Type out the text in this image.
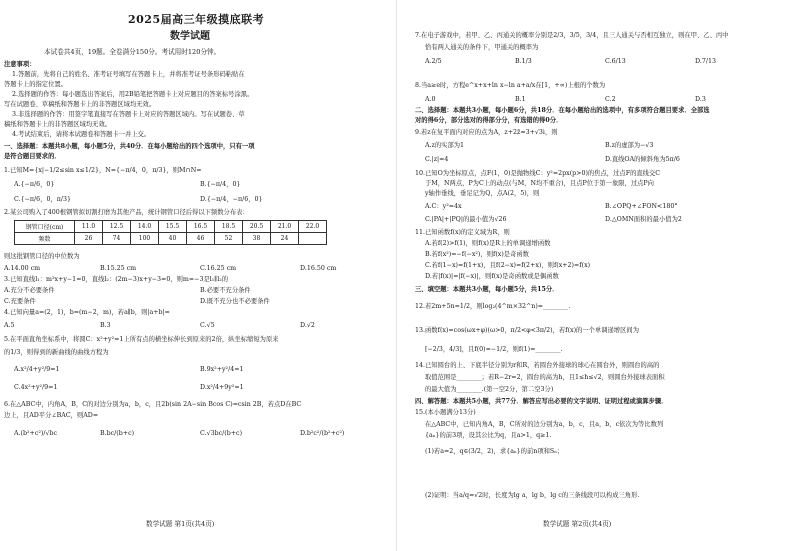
2025届高三年级摸底联考
数学试题
本试卷共4页，19题。全卷满分150分。考试用时120分钟。
注意事项：
1.答题前，先将自己的姓名、准考证号填写在答题卡上，并将准考证号条形码粘贴在
答题卡上的指定位置。
2.选择题的作答：每小题选出答案后，用2B铅笔把答题卡上对应题目的答案标号涂黑。
写在试题卷、草稿纸和答题卡上的非答题区域均无效。
3.非选择题的作答：用签字笔直接写在答题卡上对应的答题区域内。写在试题卷、草
稿纸和答题卡上的非答题区域均无效。
4.考试结束后，请将本试题卷和答题卡一并上交。
一、选择题：本题共8小题，每小题5分，共40分．在每小题给出的四个选项中，只有一项
是符合题目要求的．
1.已知M={x|−1/2≤sin x≤1/2}，N={−π/4，0，π/3}，则M∩N=
A.{−π/6，0}	B.{−π/4，0}
C.{−π/6，0，π/3}	D.{−π/4，−π/6，0}
2.某公司购入了400根钢管拟切割打磨为其他产品，统计钢管口径后得以下频数分布表：
钢管口径(cm)	11.0	12.5	14.0	15.5	16.5	18.5	20.5	21.0	22.0
频数	26	74	100	40	46	52	38	24	
则这批钢管口径的中位数为
A.14.00 cm	B.15.25 cm	C.16.25 cm	D.16.50 cm
3.已知直线l₁：m²x+y−1=0，直线l₂：(2m−3)x+y−3=0，则m=−3是l₁∥l₂的
A.充分不必要条件	B.必要不充分条件
C.充要条件	D.既不充分也不必要条件
4.已知向量a=(2，1)，b=(m−2，m)，若a∥b，则|a+b|=
A.5	B.3	C.√5	D.√2
5.在平面直角坐标系中，将圆C：x²+y²=1上所有点的横坐标伸长到原来的2倍，纵坐标缩短为原来
的1/3，则得到的新曲线的曲线方程为
A.x²/4+y²/9=1	B.9x²+y²/4=1
C.4x²+y²/9=1	D.x²/4+9y²=1
6.在△ABC中，内角A，B，C的对边分别为a，b，c，且2b(sin 2A−sin Bcos C)=csin 2B，若点D在BC
边上，且AD平分∠BAC，则AD=
A.(b²+c²)/√bc	B.bc/(b+c)	C.√3bc/(b+c)	D.b²c²/(b²+c²)
数学试题 第1页(共4页)
7.在电子游戏中，若甲、乙、丙通关的概率分别是2/3，3/5，3/4，且三人通关与否相互独立，则在甲、乙、丙中
恰有两人通关的条件下，甲通关的概率为
A.2/5	B.1/3	C.6/13	D.7/13
8.当a≥e时，方程e^x+x+ln x−ln a+a/x在[1，+∞)上根的个数为
A.0	B.1	C.2	D.3
二、选择题：本题共3小题，每小题6分，共18分．在每小题给出的选项中，有多项符合题目要求．全部选
对的得6分，部分选对的得部分分，有选错的得0分．
9.若z在复平面内对应的点为A，z+2z̄=3+√3i，则
A.z的实部为1	B.z的虚部为−√3
C.|z|=4	D.直线OA的倾斜角为5π/6
10.已知O为坐标原点，点F(1，0)是抛物线C：y²=2px(p>0)的焦点，过点F的直线交C
于M，N两点，P为C上的动点(与M，N均不重合)，且点P位于第一象限，过点P向
y轴作垂线，垂足记为Q，点A(2，5)，则
A.C：y²=4x	B.∠OPQ+∠FON<180°
C.|PA|+|PQ|的最小值为√26	D.△OMN面积的最小值为2
11.已知函数f(x)的定义域为R，则
A.若f(2)>f(1)，则f(x)是R上的单调递增函数
B.若f(x²)=−f(−x²)，则f(x)是奇函数
C.若f(1−x)=f(1+x)，且f(2−x)=f(2+x)，则f(x+2)=f(x)
D.若|f(x)|=|f(−x)|，则f(x)是奇函数或是偶函数
三、填空题：本题共3小题，每小题5分，共15分．
12.若2m+5n=1/2，则log₂(4^m×32^n)=________.
13.函数f(x)=cos(ωx+φ)(ω>0，π/2<φ<3π/2)，若f(x)的一个单调递增区间为
[−2/3，4/3]，且f(0)=−1/2，则f(1)=________.
14.已知圆台的上、下底半径分别为r和R，若圆台外接球的球心在圆台外，则圆台的高的
取值范围是________；若R−2r=2，圆台的高为h，且1≤h≤√2，则圆台外接球表面积
的最大值为________.(第一空2分，第二空3分)
四、解答题：本题共5小题，共77分．解答应写出必要的文字说明、证明过程或演算步骤．
15.(本小题满分13分)
在△ABC中，已知内角A，B，C所对的边分别为a，b，c，且a，b，c依次为等比数列
{aₙ}的前3项，设其公比为q，且a>1，q≥1.
(1)若a=2，q∈(3/2，2)，求{aₙ}的前n项和Sₙ；
(2)证明：当a/q=√2时，长度为lg a，lg b，lg c的三条线段可以构成三角形.
数学试题 第2页(共4页)
